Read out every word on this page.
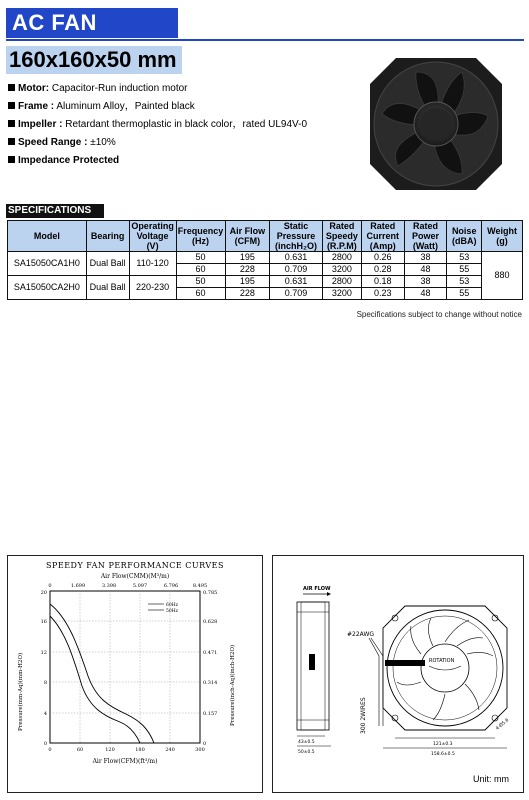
AC FAN
160x160x50 mm
Motor: Capacitor-Run induction motor
Frame : Aluminum Alloy，Painted black
Impeller : Retardant thermoplastic in black color，rated UL94V-0
Speed Range : ±10%
Impedance Protected
SPECIFICATIONS
Model	Bearing	Operating Voltage (V)	Frequency (Hz)	Air Flow (CFM)	Static Pressure (inchH₂O)	Rated Speedy (R.P.M)	Rated Current (Amp)	Rated Power (Watt)	Noise (dBA)	Weight (g)
SA15050CA1H0	Dual Ball	110-120	50	195	0.631	2800	0.26	38	53	880
			60	228	0.709	3200	0.28	48	55	
SA15050CA2H0	Dual Ball	220-230	50	195	0.631	2800	0.18	38	53	
			60	228	0.709	3200	0.23	48	55	
Specifications subject to change without notice
SPEEDY FAN PERFORMANCE CURVES
Air Flow(CMM)(M³/m)
0	1.699	3.398	5.097	6.796	8.495
20
16
12
8
4
0
0.785
0.628
0.471
0.314
0.157
0
0	60	120	180	240	300
Air Flow(CFM)(ft³/m)
Pressure(mm-Aq)(mm-H2O)	Pressure(inch-Aq)(inch-H2O)
60Hz
50Hz
AIR FLOW
43±0.5
50±0.5
#22AWG
300 2WIRES
ROTATION
4-Ø5.6
121±0.3
158.6±0.5
Unit: mm
